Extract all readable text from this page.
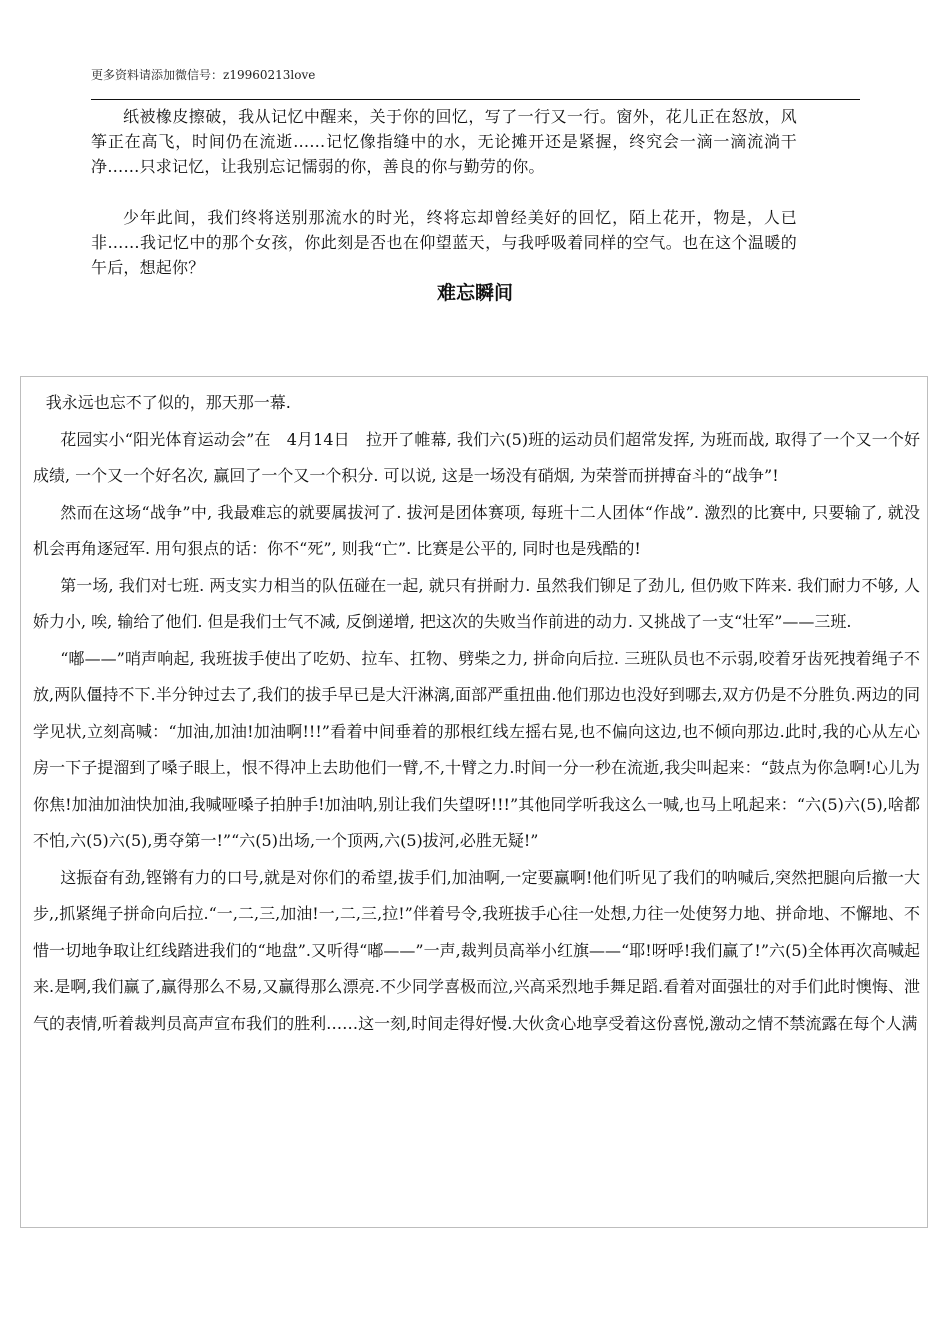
更多资料请添加微信号：z19960213love

纸被橡皮擦破，我从记忆中醒来，关于你的回忆，写了一行又一行。窗外，花儿正在怒放，风筝正在高飞，时间仍在流逝……记忆像指缝中的水，无论摊开还是紧握，终究会一滴一滴流淌干净……只求记忆，让我别忘记懦弱的你，善良的你与勤劳的你。

少年此间，我们终将送别那流水的时光，终将忘却曾经美好的回忆，陌上花开，物是，人已非……我记忆中的那个女孩，你此刻是否也在仰望蓝天，与我呼吸着同样的空气。也在这个温暖的午后，想起你？

难忘瞬间

我永远也忘不了似的，那天那一幕.

花园实小“阳光体育运动会”在　4月14日　拉开了帷幕, 我们六(5)班的运动员们超常发挥, 为班而战, 取得了一个又一个好成绩, 一个又一个好名次, 赢回了一个又一个积分. 可以说, 这是一场没有硝烟, 为荣誉而拼搏奋斗的“战争”!

然而在这场“战争”中, 我最难忘的就要属拔河了. 拔河是团体赛项, 每班十二人团体“作战”. 激烈的比赛中, 只要输了, 就没机会再角逐冠军. 用句狠点的话：你不“死”, 则我“亡”. 比赛是公平的, 同时也是残酷的!

第一场, 我们对七班. 两支实力相当的队伍碰在一起, 就只有拼耐力. 虽然我们铆足了劲儿, 但仍败下阵来. 我们耐力不够, 人娇力小, 唉, 输给了他们. 但是我们士气不减, 反倒递增, 把这次的失败当作前进的动力. 又挑战了一支“壮军”——三班.

“嘟——”哨声响起, 我班拔手使出了吃奶、拉车、扛物、劈柴之力, 拼命向后拉. 三班队员也不示弱,咬着牙齿死拽着绳子不放,两队僵持不下.半分钟过去了,我们的拔手早已是大汗淋漓,面部严重扭曲.他们那边也没好到哪去,双方仍是不分胜负.两边的同学见状,立刻高喊：“加油,加油!加油啊!!!”看着中间垂着的那根红线左摇右晃,也不偏向这边,也不倾向那边.此时,我的心从左心房一下子提溜到了嗓子眼上，恨不得冲上去助他们一臂,不,十臂之力.时间一分一秒在流逝,我尖叫起来：“鼓点为你急啊!心儿为你焦!加油加油快加油,我喊哑嗓子拍肿手!加油呐,别让我们失望呀!!!”其他同学听我这么一喊,也马上吼起来：“六(5)六(5),啥都不怕,六(5)六(5),勇夺第一!”“六(5)出场,一个顶两,六(5)拔河,必胜无疑!”

这振奋有劲,铿锵有力的口号,就是对你们的希望,拔手们,加油啊,一定要赢啊!他们听见了我们的呐喊后,突然把腿向后撤一大步,,抓紧绳子拼命向后拉.“一,二,三,加油!一,二,三,拉!”伴着号令,我班拔手心往一处想,力往一处使努力地、拼命地、不懈地、不惜一切地争取让红线踏进我们的“地盘”.又听得“嘟——”一声,裁判员高举小红旗——“耶!呀呼!我们赢了!”六(5)全体再次高喊起来.是啊,我们赢了,赢得那么不易,又赢得那么漂亮.不少同学喜极而泣,兴高采烈地手舞足蹈.看着对面强壮的对手们此时懊悔、泄气的表情,听着裁判员高声宣布我们的胜利……这一刻,时间走得好慢.大伙贪心地享受着这份喜悦,激动之情不禁流露在每个人满
